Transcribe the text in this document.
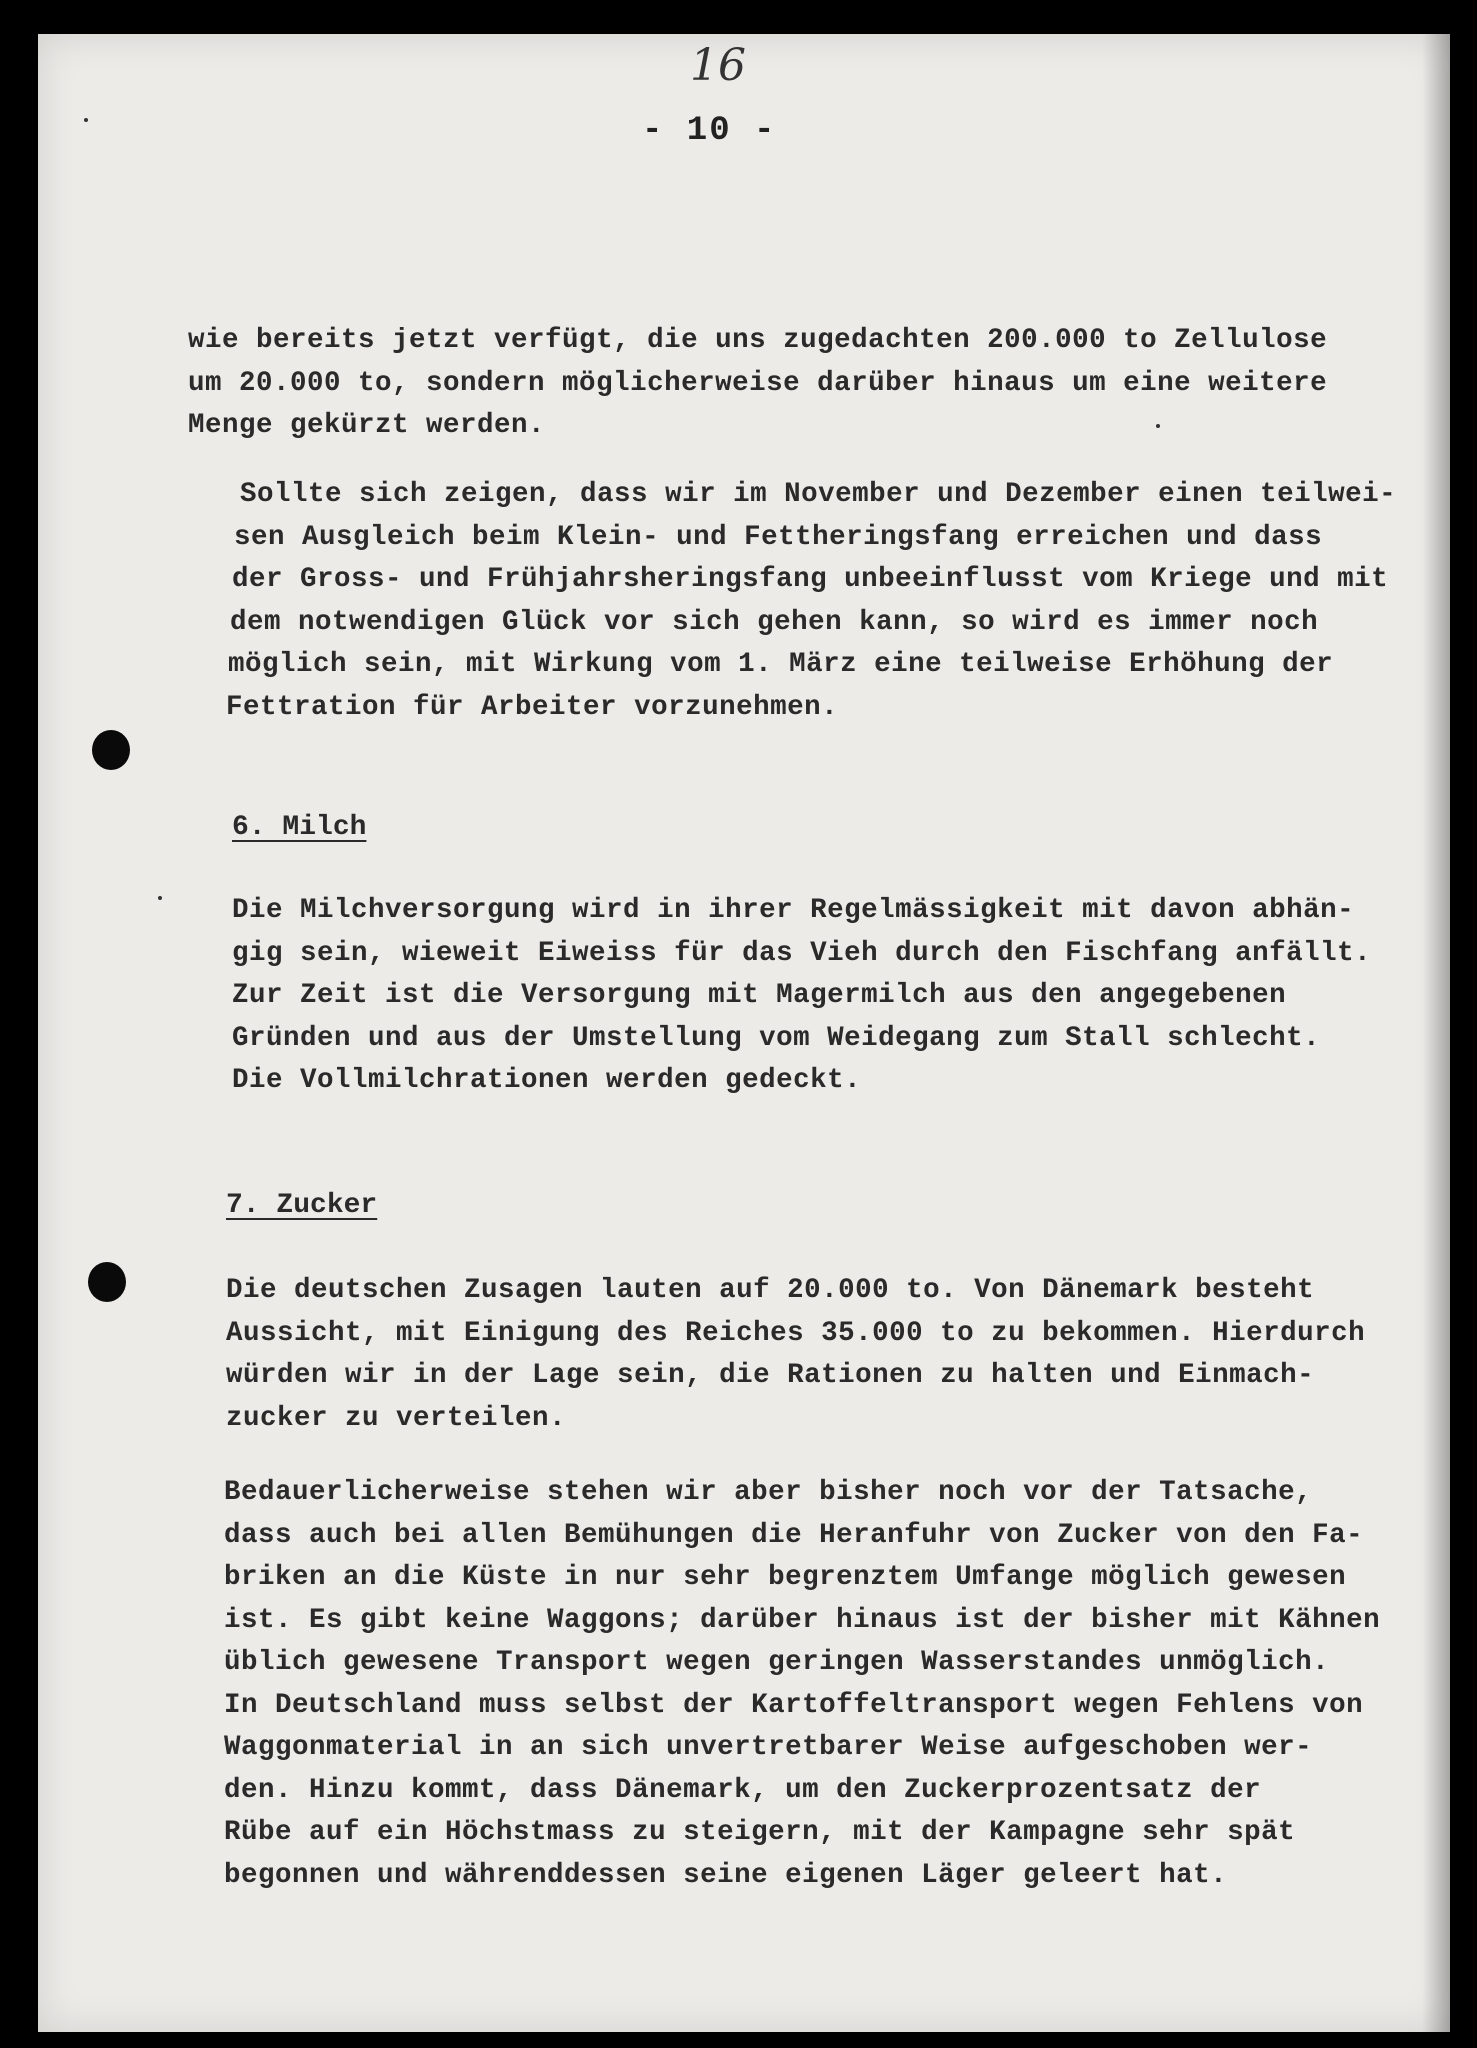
16
- 10 -
wie bereits jetzt verfügt, die uns zugedachten 200.000 to Zellulose
um 20.000 to, sondern möglicherweise darüber hinaus um eine weitere
Menge gekürzt werden.
Sollte sich zeigen, dass wir im November und Dezember einen teilwei-
sen Ausgleich beim Klein- und Fettheringsfang erreichen und dass
der Gross- und Frühjahrsheringsfang unbeeinflusst vom Kriege und mit
dem notwendigen Glück vor sich gehen kann, so wird es immer noch
möglich sein, mit Wirkung vom 1. März eine teilweise Erhöhung der
Fettration für Arbeiter vorzunehmen.
6. Milch
Die Milchversorgung wird in ihrer Regelmässigkeit mit davon abhän-
gig sein, wieweit Eiweiss für das Vieh durch den Fischfang anfällt.
Zur Zeit ist die Versorgung mit Magermilch aus den angegebenen
Gründen und aus der Umstellung vom Weidegang zum Stall schlecht.
Die Vollmilchrationen werden gedeckt.
7. Zucker
Die deutschen Zusagen lauten auf 20.000 to. Von Dänemark besteht
Aussicht, mit Einigung des Reiches 35.000 to zu bekommen. Hierdurch
würden wir in der Lage sein, die Rationen zu halten und Einmach-
zucker zu verteilen.
Bedauerlicherweise stehen wir aber bisher noch vor der Tatsache,
dass auch bei allen Bemühungen die Heranfuhr von Zucker von den Fa-
briken an die Küste in nur sehr begrenztem Umfange möglich gewesen
ist. Es gibt keine Waggons; darüber hinaus ist der bisher mit Kähnen
üblich gewesene Transport wegen geringen Wasserstandes unmöglich.
In Deutschland muss selbst der Kartoffeltransport wegen Fehlens von
Waggonmaterial in an sich unvertretbarer Weise aufgeschoben wer-
den. Hinzu kommt, dass Dänemark, um den Zuckerprozentsatz der
Rübe auf ein Höchstmass zu steigern, mit der Kampagne sehr spät
begonnen und währenddessen seine eigenen Läger geleert hat.
